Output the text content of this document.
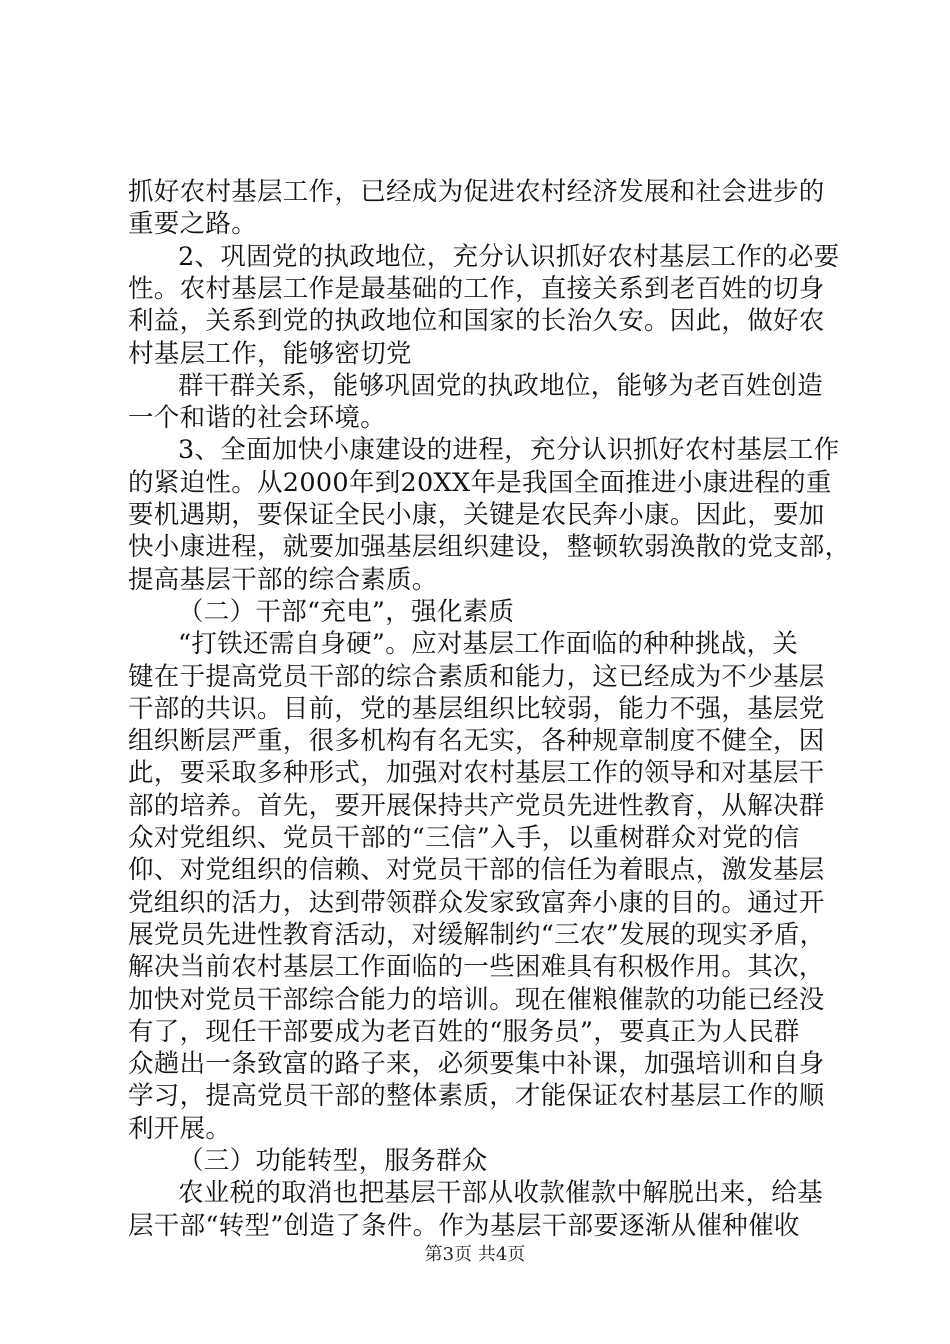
抓好农村基层工作，已经成为促进农村经济发展和社会进步的
重要之路。
2、巩固党的执政地位，充分认识抓好农村基层工作的必要
性。农村基层工作是最基础的工作，直接关系到老百姓的切身
利益，关系到党的执政地位和国家的长治久安。因此，做好农
村基层工作，能够密切党
群干群关系，能够巩固党的执政地位，能够为老百姓创造
一个和谐的社会环境。
3、全面加快小康建设的进程，充分认识抓好农村基层工作
的紧迫性。从2000年到20XX年是我国全面推进小康进程的重
要机遇期，要保证全民小康，关键是农民奔小康。因此，要加
快小康进程，就要加强基层组织建设，整顿软弱涣散的党支部，
提高基层干部的综合素质。
（二）干部“充电”，强化素质
“打铁还需自身硬”。应对基层工作面临的种种挑战，关
键在于提高党员干部的综合素质和能力，这已经成为不少基层
干部的共识。目前，党的基层组织比较弱，能力不强，基层党
组织断层严重，很多机构有名无实，各种规章制度不健全，因
此，要采取多种形式，加强对农村基层工作的领导和对基层干
部的培养。首先，要开展保持共产党员先进性教育，从解决群
众对党组织、党员干部的“三信”入手，以重树群众对党的信
仰、对党组织的信赖、对党员干部的信任为着眼点，激发基层
党组织的活力，达到带领群众发家致富奔小康的目的。通过开
展党员先进性教育活动，对缓解制约“三农”发展的现实矛盾，
解决当前农村基层工作面临的一些困难具有积极作用。其次，
加快对党员干部综合能力的培训。现在催粮催款的功能已经没
有了，现任干部要成为老百姓的“服务员”，要真正为人民群
众趟出一条致富的路子来，必须要集中补课，加强培训和自身
学习，提高党员干部的整体素质，才能保证农村基层工作的顺
利开展。
（三）功能转型，服务群众
农业税的取消也把基层干部从收款催款中解脱出来，给基
层干部“转型”创造了条件。作为基层干部要逐渐从催种催收
第3页 共4页
